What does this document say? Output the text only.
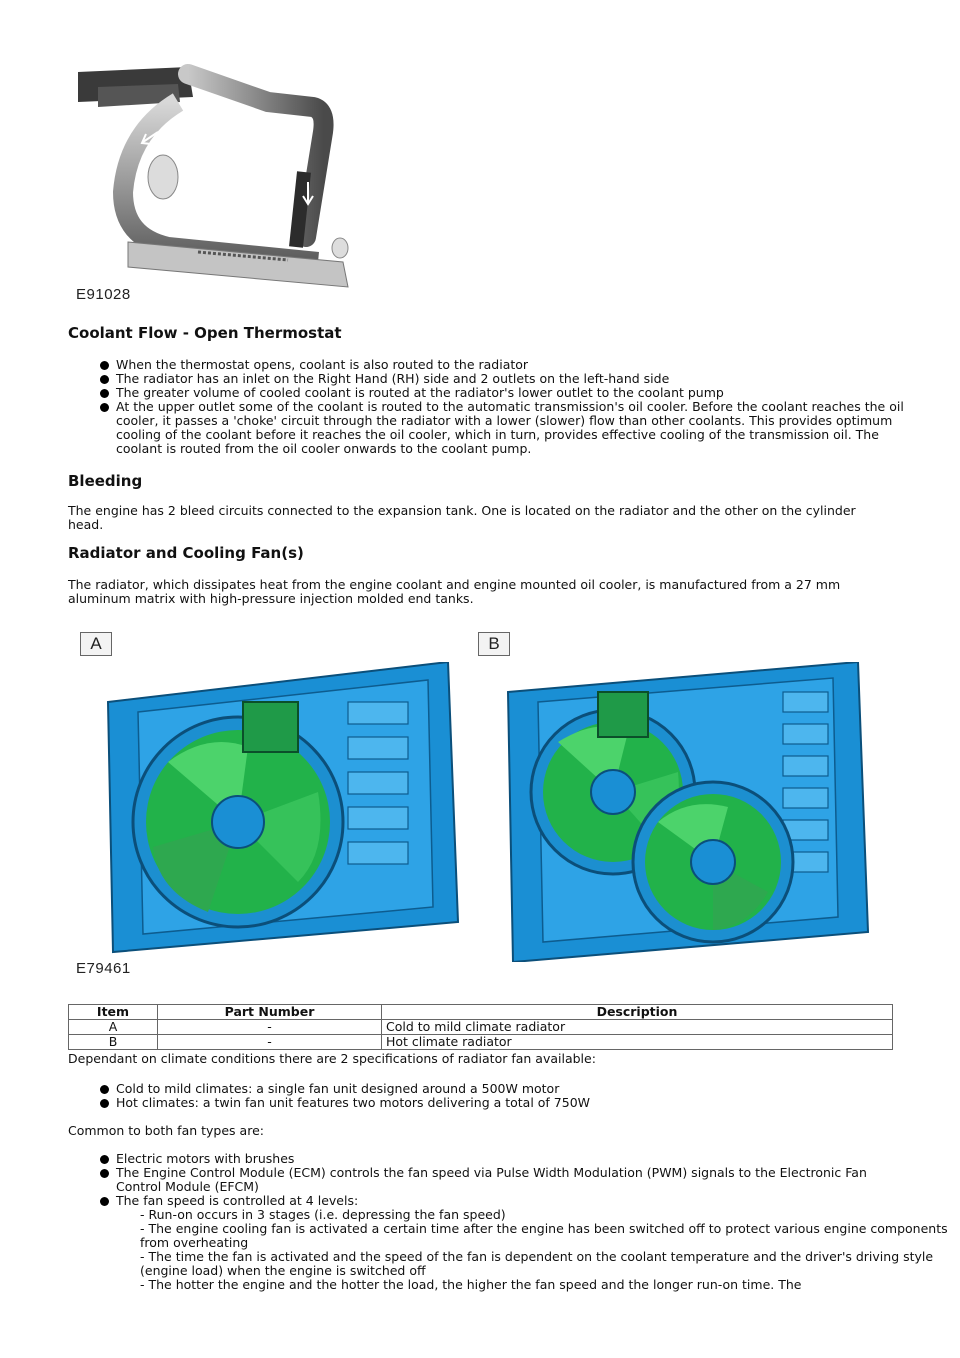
E91028
Coolant Flow - Open Thermostat
When the thermostat opens, coolant is also routed to the radiator
The radiator has an inlet on the Right Hand (RH) side and 2 outlets on the left-hand side
The greater volume of cooled coolant is routed at the radiator's lower outlet to the coolant pump
At the upper outlet some of the coolant is routed to the automatic transmission's oil cooler. Before the coolant reaches the oil cooler, it passes a 'choke' circuit through the radiator with a lower (slower) flow than other coolants. This provides optimum cooling of the coolant before it reaches the oil cooler, which in turn, provides effective cooling of the transmission oil. The coolant is routed from the oil cooler onwards to the coolant pump.
Bleeding

The engine has 2 bleed circuits connected to the expansion tank. One is located on the radiator and the other on the cylinder head.

Radiator and Cooling Fan(s)

The radiator, which dissipates heat from the engine coolant and engine mounted oil cooler, is manufactured from a 27 mm aluminum matrix with high-pressure injection molded end tanks.

A	B
E79461
Item	Part Number	Description
A	-	Cold to mild climate radiator
B	-	Hot climate radiator

Dependant on climate conditions there are 2 specifications of radiator fan available:

Cold to mild climates: a single fan unit designed around a 500W motor
Hot climates: a twin fan unit features two motors delivering a total of 750W

Common to both fan types are:

Electric motors with brushes
The Engine Control Module (ECM) controls the fan speed via Pulse Width Modulation (PWM) signals to the Electronic Fan Control Module (EFCM)
The fan speed is controlled at 4 levels:
- Run-on occurs in 3 stages (i.e. depressing the fan speed)
- The engine cooling fan is activated a certain time after the engine has been switched off to protect various engine components from overheating
- The time the fan is activated and the speed of the fan is dependent on the coolant temperature and the driver's driving style (engine load) when the engine is switched off
- The hotter the engine and the hotter the load, the higher the fan speed and the longer run-on time. The
